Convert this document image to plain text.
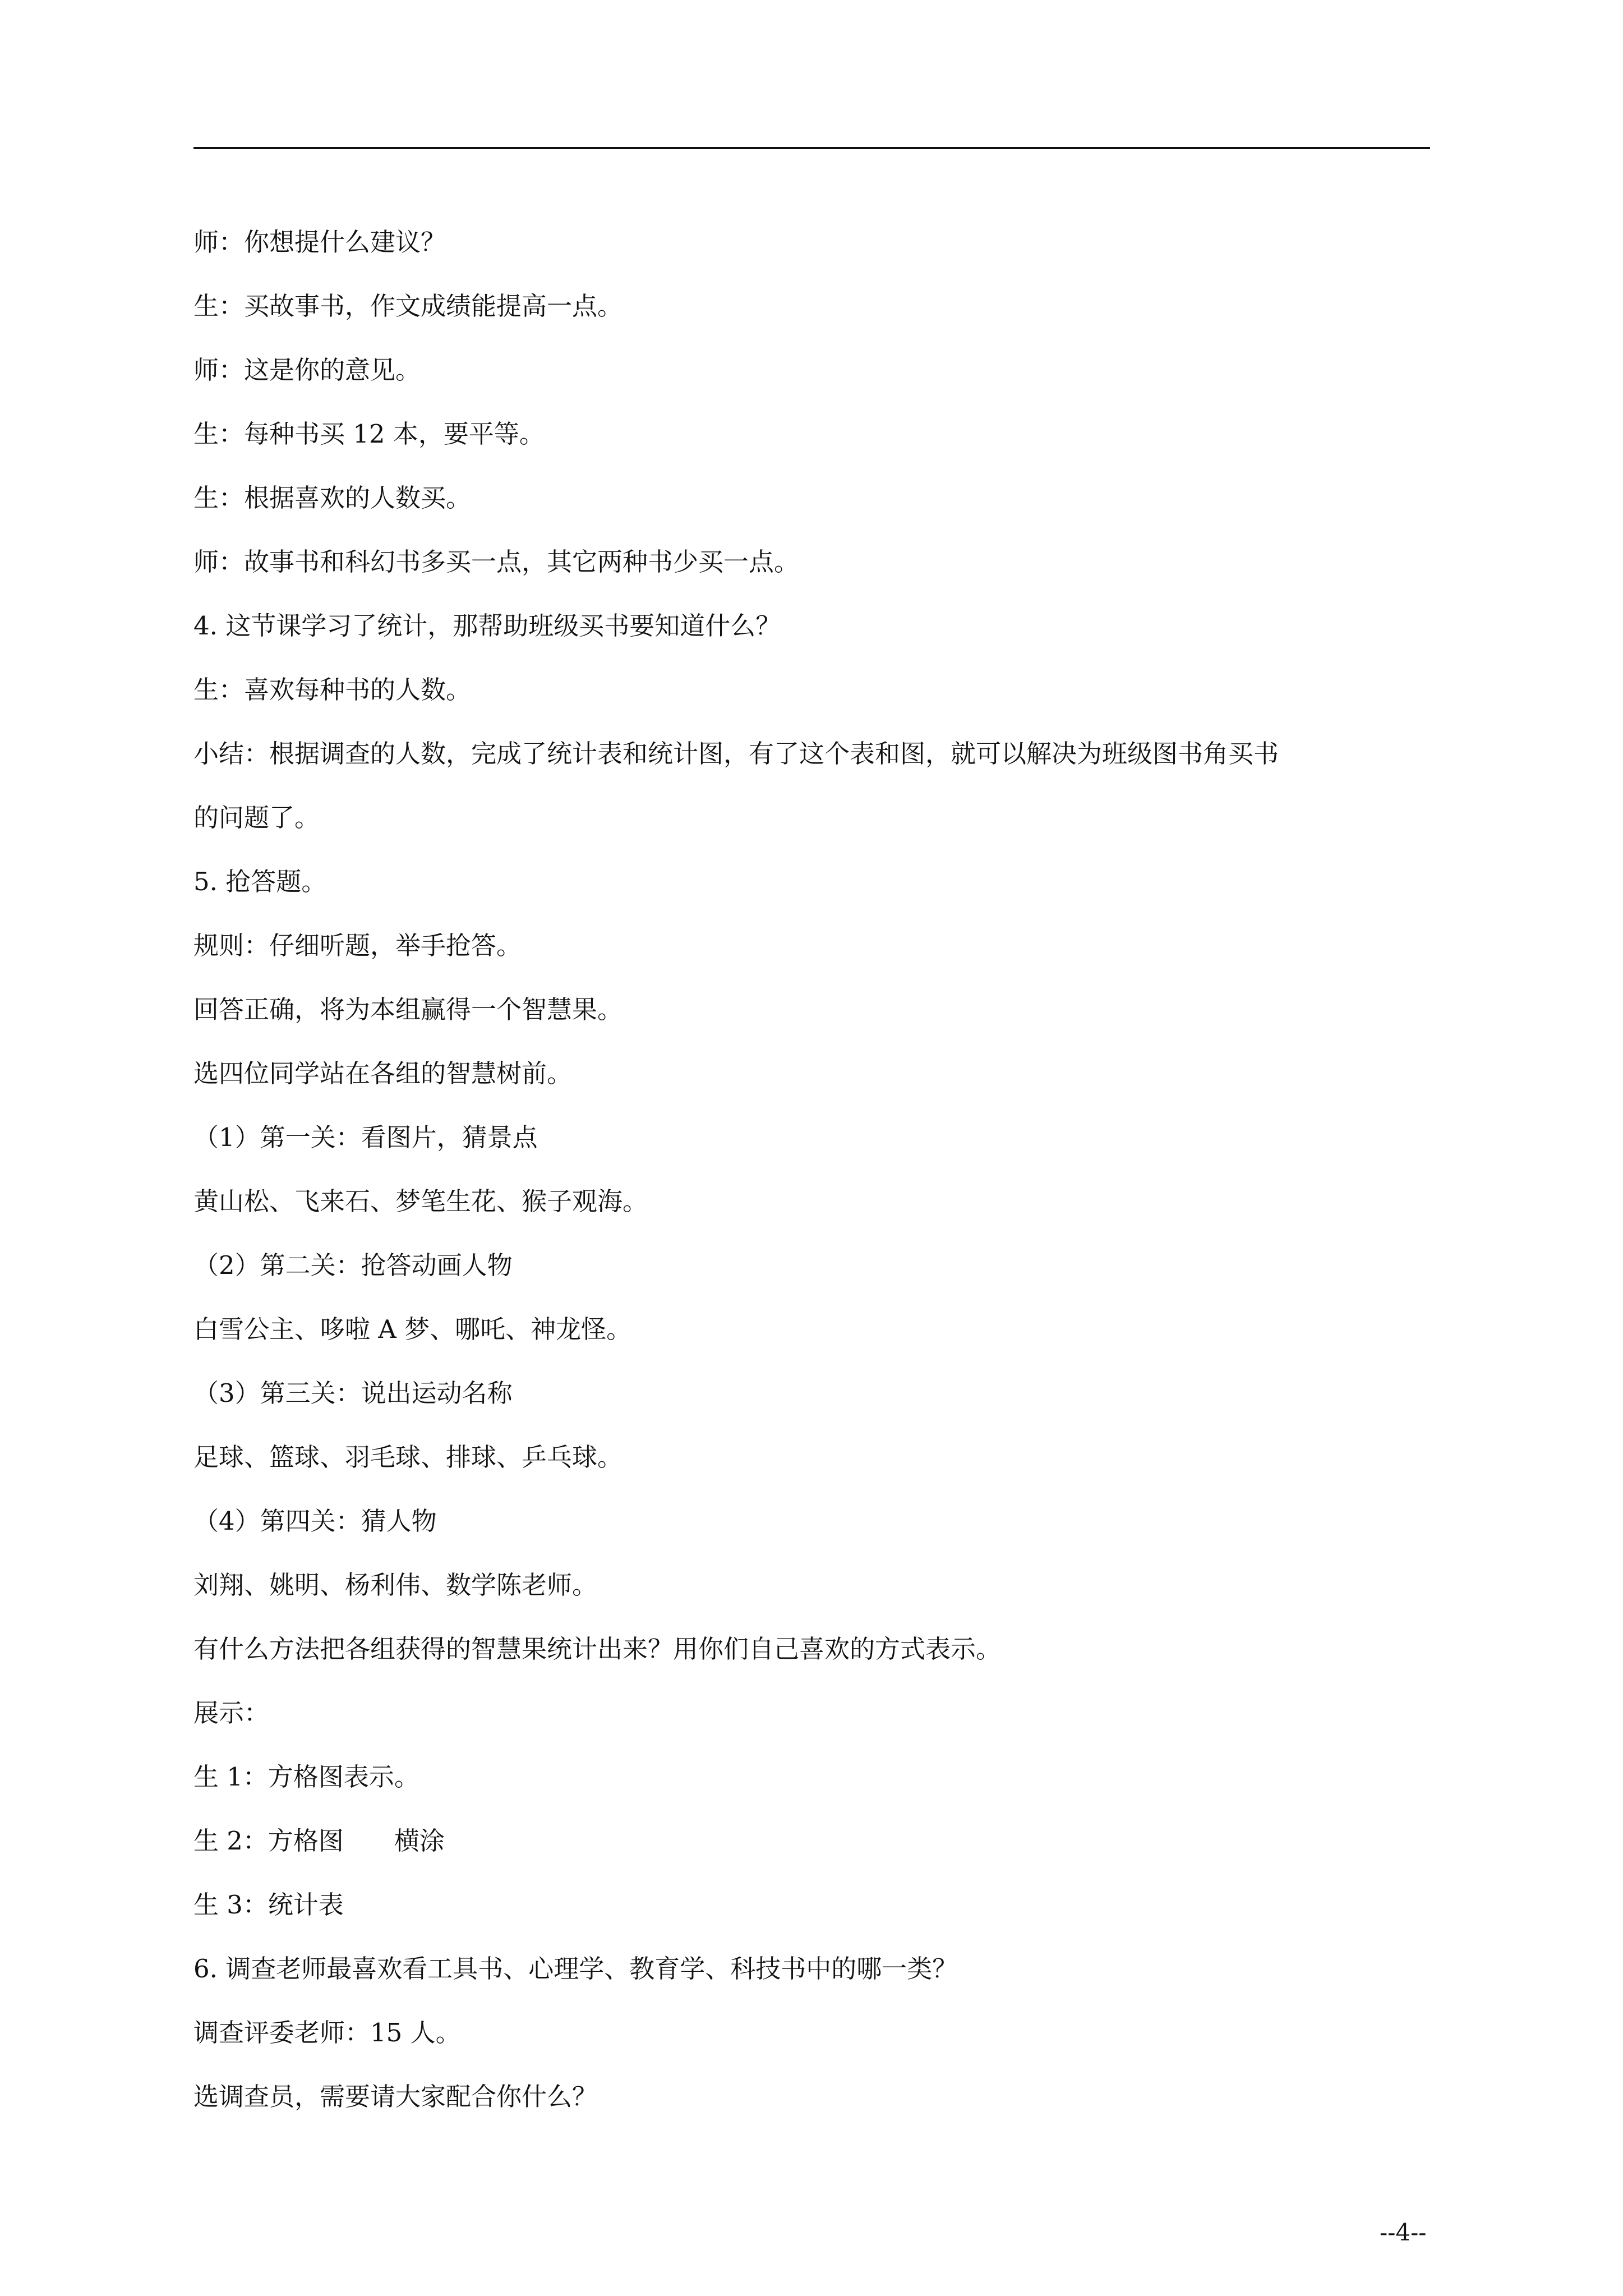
师：你想提什么建议？
生：买故事书，作文成绩能提高一点。
师：这是你的意见。
生：每种书买 12 本，要平等。
生：根据喜欢的人数买。
师：故事书和科幻书多买一点，其它两种书少买一点。
4. 这节课学习了统计，那帮助班级买书要知道什么？
生：喜欢每种书的人数。
小结：根据调查的人数，完成了统计表和统计图，有了这个表和图，就可以解决为班级图书角买书
的问题了。
5. 抢答题。
规则：仔细听题，举手抢答。
回答正确，将为本组赢得一个智慧果。
选四位同学站在各组的智慧树前。
（1）第一关：看图片，猜景点
黄山松、飞来石、梦笔生花、猴子观海。
（2）第二关：抢答动画人物
白雪公主、哆啦 A 梦、哪吒、神龙怪。
（3）第三关：说出运动名称
足球、篮球、羽毛球、排球、乒乓球。
（4）第四关：猜人物
刘翔、姚明、杨利伟、数学陈老师。
有什么方法把各组获得的智慧果统计出来？用你们自己喜欢的方式表示。
展示：
生 1：方格图表示。
生 2：方格图　　横涂
生 3：统计表
6. 调查老师最喜欢看工具书、心理学、教育学、科技书中的哪一类？
调查评委老师：15 人。
选调查员，需要请大家配合你什么？
--4--
